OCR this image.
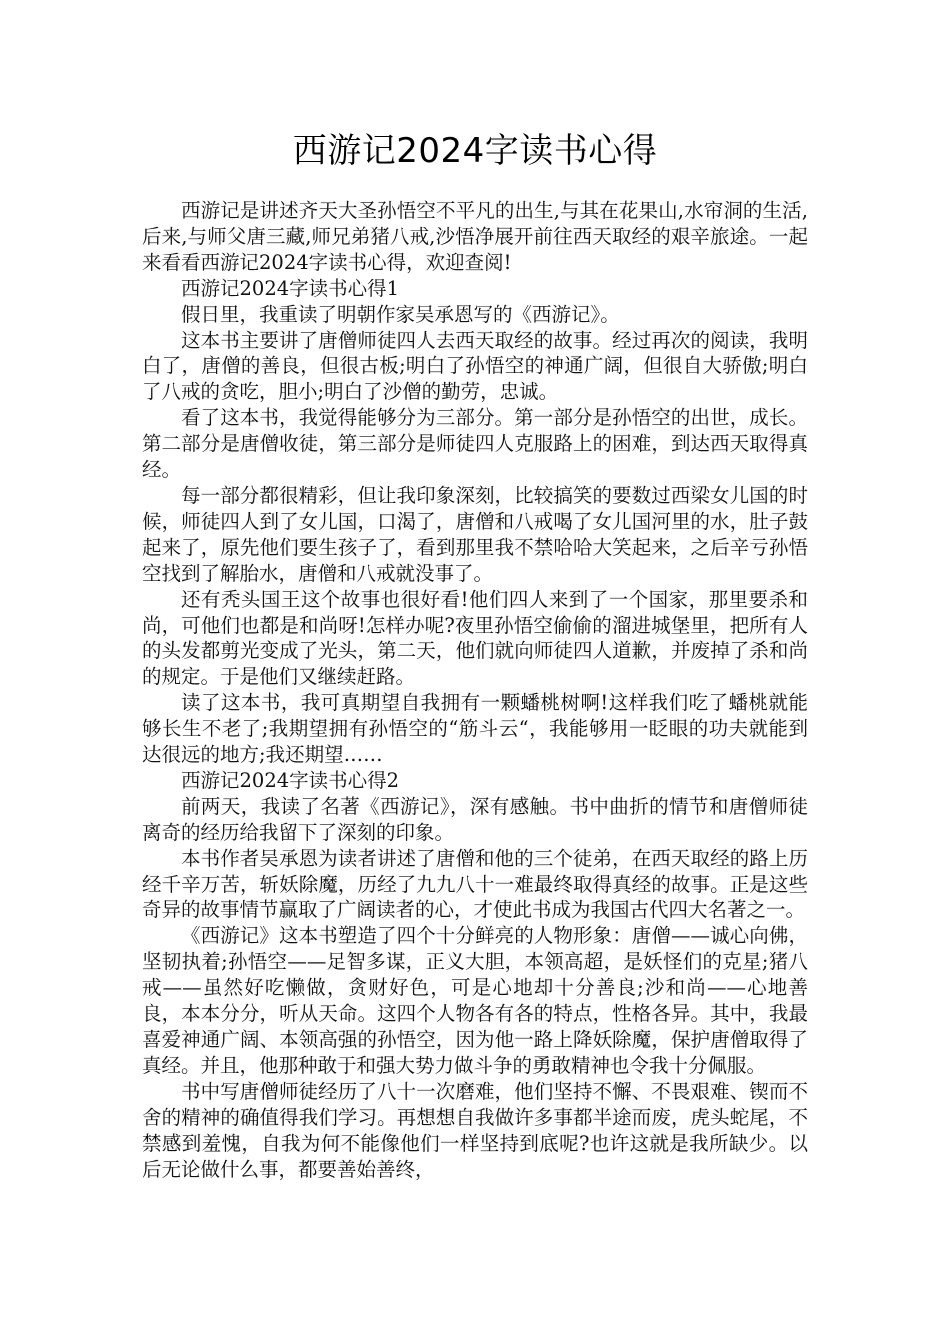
西游记2024字读书心得

西游记是讲述齐天大圣孙悟空不平凡的出生,与其在花果山,水帘洞的生活,后来,与师父唐三藏,师兄弟猪八戒,沙悟净展开前往西天取经的艰辛旅途。一起来看看西游记2024字读书心得，欢迎查阅!

西游记2024字读书心得1

假日里，我重读了明朝作家吴承恩写的《西游记》。

这本书主要讲了唐僧师徒四人去西天取经的故事。经过再次的阅读，我明白了，唐僧的善良，但很古板;明白了孙悟空的神通广阔，但很自大骄傲;明白了八戒的贪吃，胆小;明白了沙僧的勤劳，忠诚。

看了这本书，我觉得能够分为三部分。第一部分是孙悟空的出世，成长。第二部分是唐僧收徒，第三部分是师徒四人克服路上的困难，到达西天取得真经。

每一部分都很精彩，但让我印象深刻，比较搞笑的要数过西梁女儿国的时候，师徒四人到了女儿国，口渴了，唐僧和八戒喝了女儿国河里的水，肚子鼓起来了，原先他们要生孩子了，看到那里我不禁哈哈大笑起来，之后辛亏孙悟空找到了解胎水，唐僧和八戒就没事了。

还有秃头国王这个故事也很好看!他们四人来到了一个国家，那里要杀和尚，可他们也都是和尚呀!怎样办呢?夜里孙悟空偷偷的溜进城堡里，把所有人的头发都剪光变成了光头，第二天，他们就向师徒四人道歉，并废掉了杀和尚的规定。于是他们又继续赶路。

读了这本书，我可真期望自我拥有一颗蟠桃树啊!这样我们吃了蟠桃就能够长生不老了;我期望拥有孙悟空的“筋斗云“，我能够用一眨眼的功夫就能到达很远的地方;我还期望……

西游记2024字读书心得2

前两天，我读了名著《西游记》，深有感触。书中曲折的情节和唐僧师徒离奇的经历给我留下了深刻的印象。

本书作者吴承恩为读者讲述了唐僧和他的三个徒弟，在西天取经的路上历经千辛万苦，斩妖除魔，历经了九九八十一难最终取得真经的故事。正是这些奇异的故事情节赢取了广阔读者的心，才使此书成为我国古代四大名著之一。

《西游记》这本书塑造了四个十分鲜亮的人物形象：唐僧——诚心向佛，坚韧执着;孙悟空——足智多谋，正义大胆，本领高超，是妖怪们的克星;猪八戒——虽然好吃懒做，贪财好色，可是心地却十分善良;沙和尚——心地善良，本本分分，听从天命。这四个人物各有各的特点，性格各异。其中，我最喜爱神通广阔、本领高强的孙悟空，因为他一路上降妖除魔，保护唐僧取得了真经。并且，他那种敢于和强大势力做斗争的勇敢精神也令我十分佩服。

书中写唐僧师徒经历了八十一次磨难，他们坚持不懈、不畏艰难、锲而不舍的精神的确值得我们学习。再想想自我做许多事都半途而废，虎头蛇尾，不禁感到羞愧，自我为何不能像他们一样坚持到底呢?也许这就是我所缺少。以后无论做什么事，都要善始善终，
